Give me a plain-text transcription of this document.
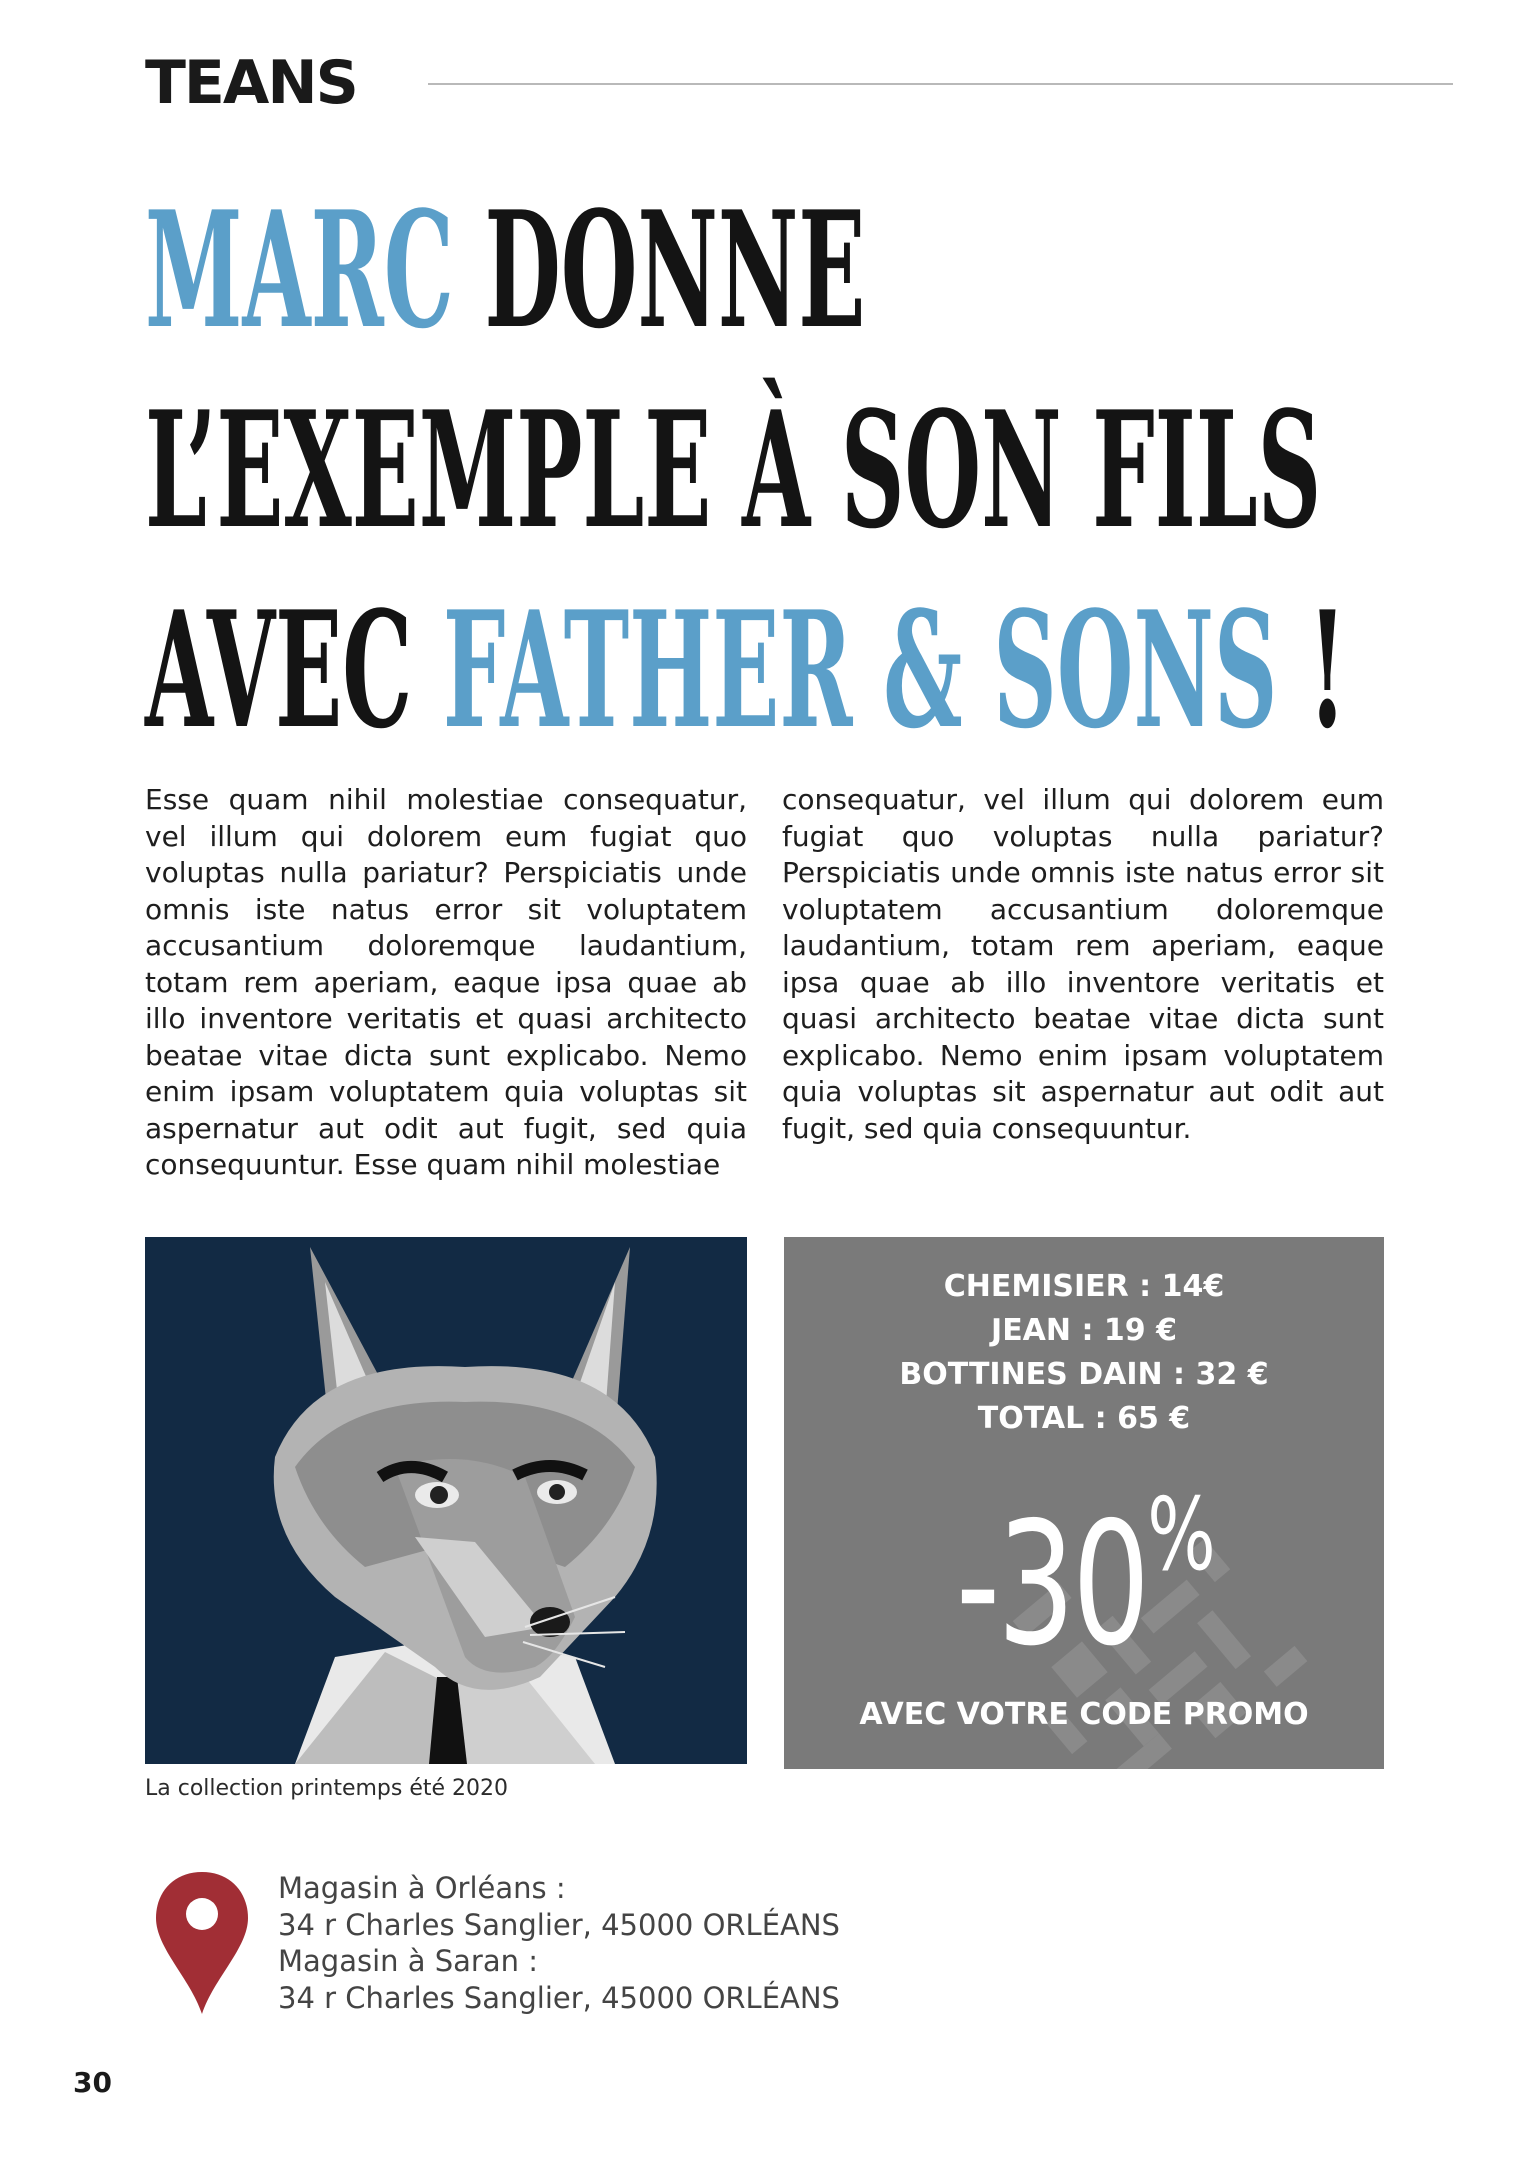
TEANS
MARC DONNE
L’EXEMPLE À SON FILS
AVEC FATHER & SONS !

Esse quam nihil molestiae consequatur, vel illum qui dolorem eum fugiat quo voluptas nulla pariatur? Perspiciatis unde omnis iste natus error sit voluptatem accusantium doloremque laudantium, totam rem aperiam, eaque ipsa quae ab illo inventore veritatis et quasi architecto beatae vitae dicta sunt explicabo. Nemo enim ipsam voluptatem quia voluptas sit aspernatur aut odit aut fugit, sed quia consequuntur. Esse quam nihil molestiae

consequatur, vel illum qui dolorem eum fugiat quo voluptas nulla pariatur? Perspiciatis unde omnis iste natus error sit voluptatem accusantium doloremque laudantium, totam rem aperiam, eaque ipsa quae ab illo inventore veritatis et quasi architecto beatae vitae dicta sunt explicabo. Nemo enim ipsam voluptatem quia voluptas sit aspernatur aut odit aut fugit, sed quia consequuntur.

La collection printemps été 2020

CHEMISIER : 14€
JEAN : 19 €
BOTTINES DAIN : 32 €
TOTAL : 65 €
-30%

AVEC VOTRE CODE PROMO

Magasin à Orléans :
34 r Charles Sanglier, 45000 ORLÉANS
Magasin à Saran :
34 r Charles Sanglier, 45000 ORLÉANS

30
